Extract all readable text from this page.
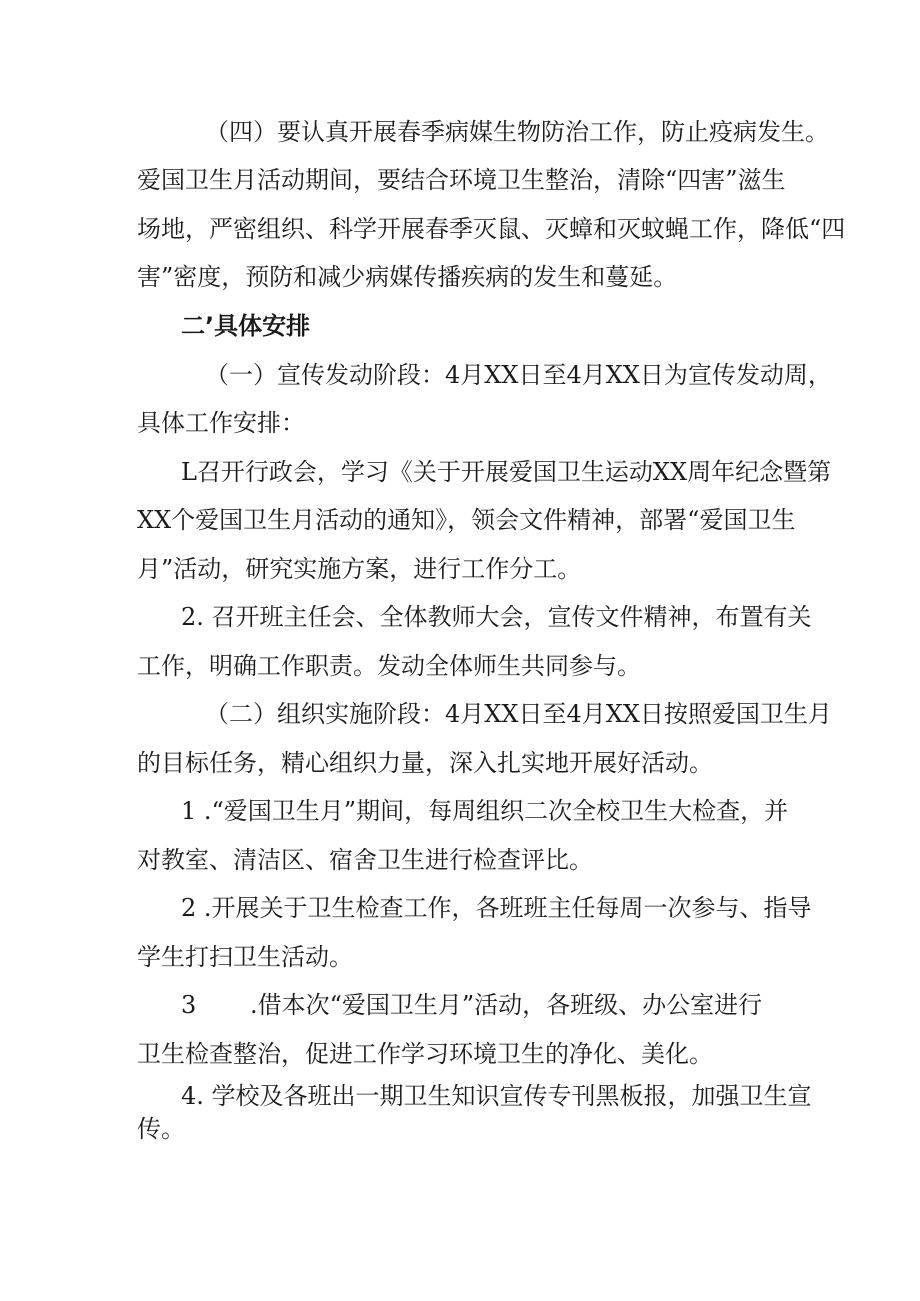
（四）要认真开展春季病媒生物防治工作，防止疫病发生。
爱国卫生月活动期间，要结合环境卫生整治，清除“四害”滋生
场地，严密组织、科学开展春季灭鼠、灭蟑和灭蚊蝇工作，降低“四
害”密度，预防和减少病媒传播疾病的发生和蔓延。
二’具体安排
（一）宣传发动阶段：4月XX日至4月XX日为宣传发动周，
具体工作安排：
L召开行政会，学习《关于开展爱国卫生运动XX周年纪念暨第
XX个爱国卫生月活动的通知》，领会文件精神，部署“爱国卫生
月”活动，研究实施方案，进行工作分工。
2. 召开班主任会、全体教师大会，宣传文件精神，布置有关
工作，明确工作职责。发动全体师生共同参与。
（二）组织实施阶段：4月XX日至4月XX日按照爱国卫生月
的目标任务，精心组织力量，深入扎实地开展好活动。
1 .“爱国卫生月”期间，每周组织二次全校卫生大检查，并
对教室、清洁区、宿舍卫生进行检查评比。
2 .开展关于卫生检查工作，各班班主任每周一次参与、指导
学生打扫卫生活动。
3 .借本次“爱国卫生月”活动，各班级、办公室进行
卫生检查整治，促进工作学习环境卫生的净化、美化。
4. 学校及各班出一期卫生知识宣传专刊黑板报，加强卫生宣
传。
